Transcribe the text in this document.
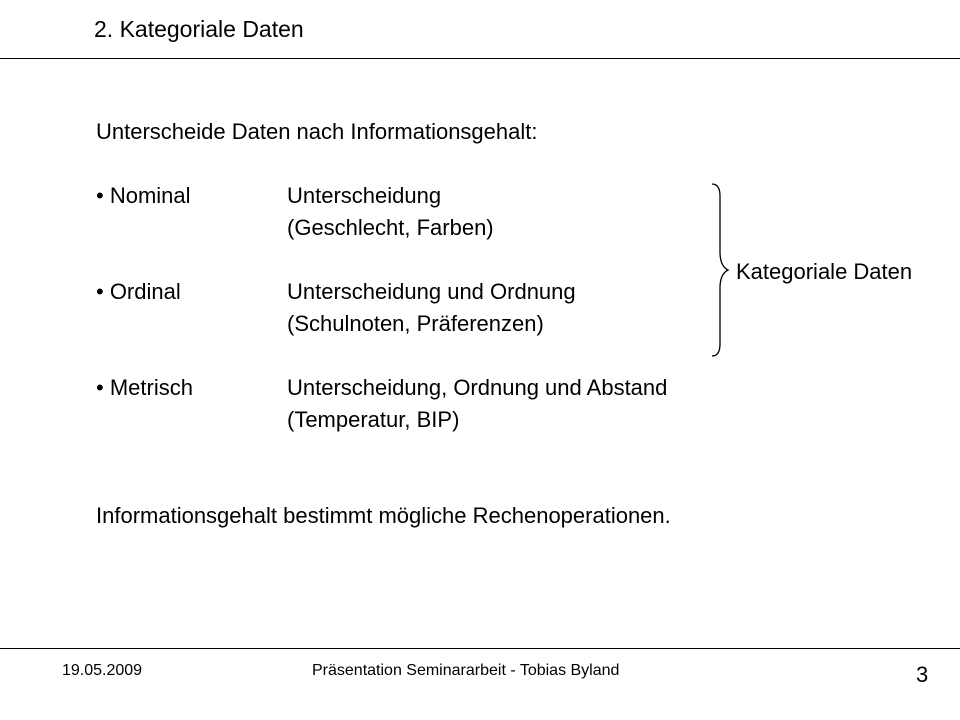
2. Kategoriale Daten

Unterscheide Daten nach Informationsgehalt:

• Nominal	Unterscheidung
(Geschlecht, Farben)
• Ordinal	Unterscheidung und Ordnung
(Schulnoten, Präferenzen)
• Metrisch	Unterscheidung, Ordnung und Abstand
(Temperatur, BIP)
Kategoriale Daten
Informationsgehalt bestimmt mögliche Rechenoperationen.
19.05.2009	Präsentation Seminararbeit - Tobias Byland	3
